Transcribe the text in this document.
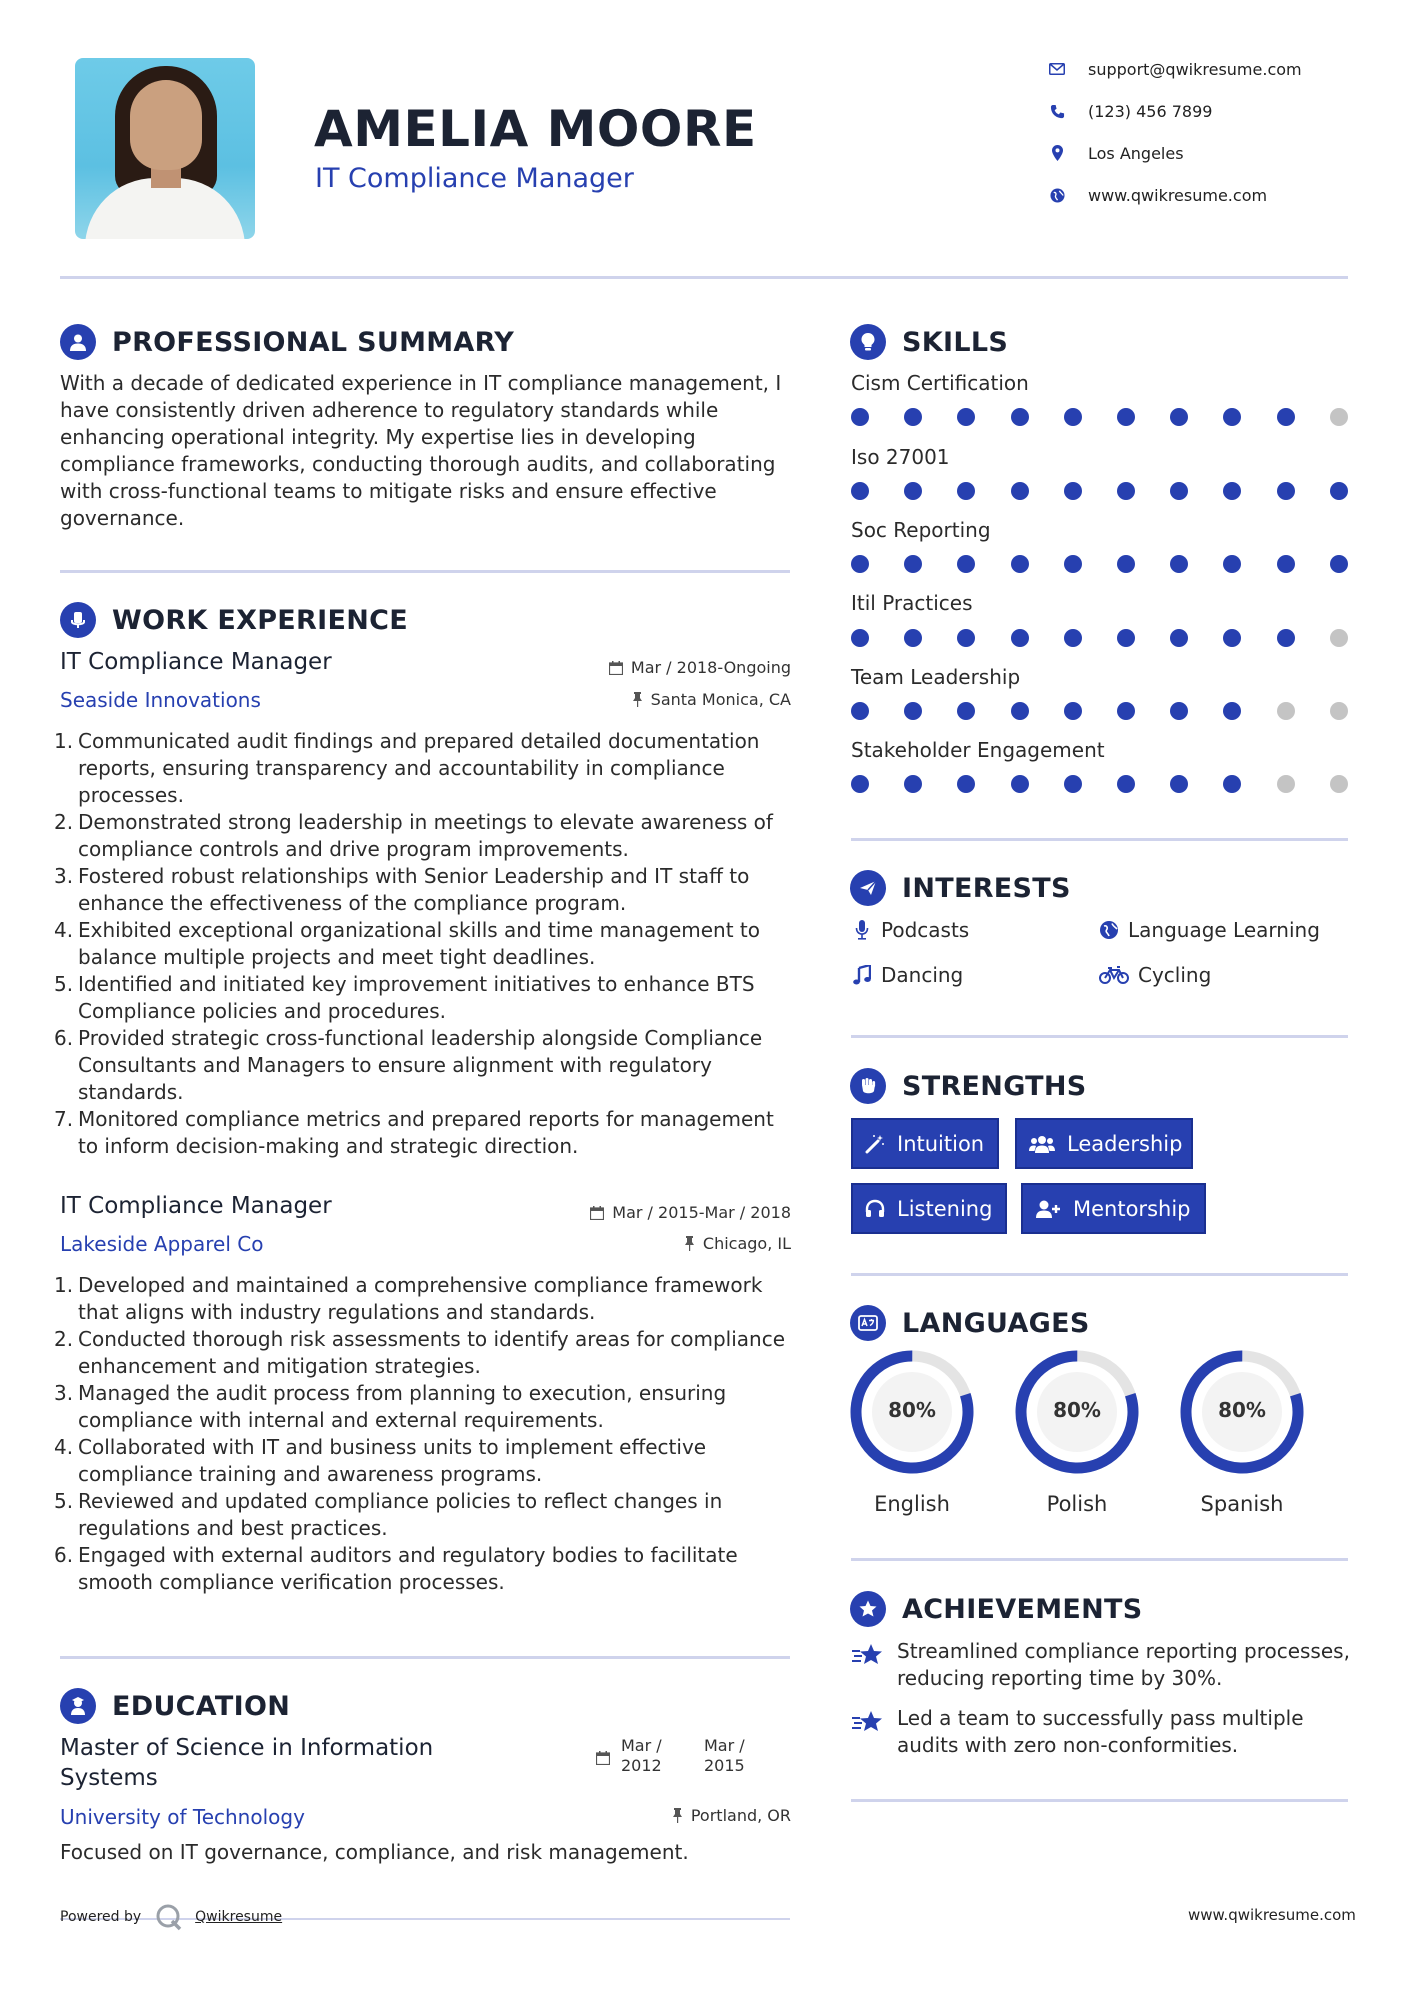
AMELIA MOORE
IT Compliance Manager
support@qwikresume.com
(123) 456 7899
Los Angeles
www.qwikresume.com
PROFESSIONAL SUMMARY
With a decade of dedicated experience in IT compliance management, I have consistently driven adherence to regulatory standards while enhancing operational integrity. My expertise lies in developing compliance frameworks, conducting thorough audits, and collaborating with cross-functional teams to mitigate risks and ensure effective governance.
WORK EXPERIENCE
IT Compliance Manager
Seaside Innovations
Mar / 2018-Ongoing
Santa Monica, CA
1. Communicated audit findings and prepared detailed documentation reports, ensuring transparency and accountability in compliance processes.
2. Demonstrated strong leadership in meetings to elevate awareness of compliance controls and drive program improvements.
3. Fostered robust relationships with Senior Leadership and IT staff to enhance the effectiveness of the compliance program.
4. Exhibited exceptional organizational skills and time management to balance multiple projects and meet tight deadlines.
5. Identified and initiated key improvement initiatives to enhance BTS Compliance policies and procedures.
6. Provided strategic cross-functional leadership alongside Compliance Consultants and Managers to ensure alignment with regulatory standards.
7. Monitored compliance metrics and prepared reports for management to inform decision-making and strategic direction.
IT Compliance Manager
Lakeside Apparel Co
Mar / 2015-Mar / 2018
Chicago, IL
1. Developed and maintained a comprehensive compliance framework that aligns with industry regulations and standards.
2. Conducted thorough risk assessments to identify areas for compliance enhancement and mitigation strategies.
3. Managed the audit process from planning to execution, ensuring compliance with internal and external requirements.
4. Collaborated with IT and business units to implement effective compliance training and awareness programs.
5. Reviewed and updated compliance policies to reflect changes in regulations and best practices.
6. Engaged with external auditors and regulatory bodies to facilitate smooth compliance verification processes.
EDUCATION
Master of Science in Information
Systems
University of Technology
Mar /
2012
Mar /
2015
Portland, OR
Focused on IT governance, compliance, and risk management.
SKILLS
Cism Certification
Iso 27001
Soc Reporting
Itil Practices
Team Leadership
Stakeholder Engagement
INTERESTS
Podcasts	Language Learning
Dancing	Cycling
STRENGTHS
Intuition	Leadership
Listening	Mentorship
LANGUAGES
80%
English
80%
Polish
80%
Spanish
ACHIEVEMENTS
Streamlined compliance reporting processes, reducing reporting time by 30%.
Led a team to successfully pass multiple audits with zero non-conformities.
Powered by	Qwikresume	www.qwikresume.com
